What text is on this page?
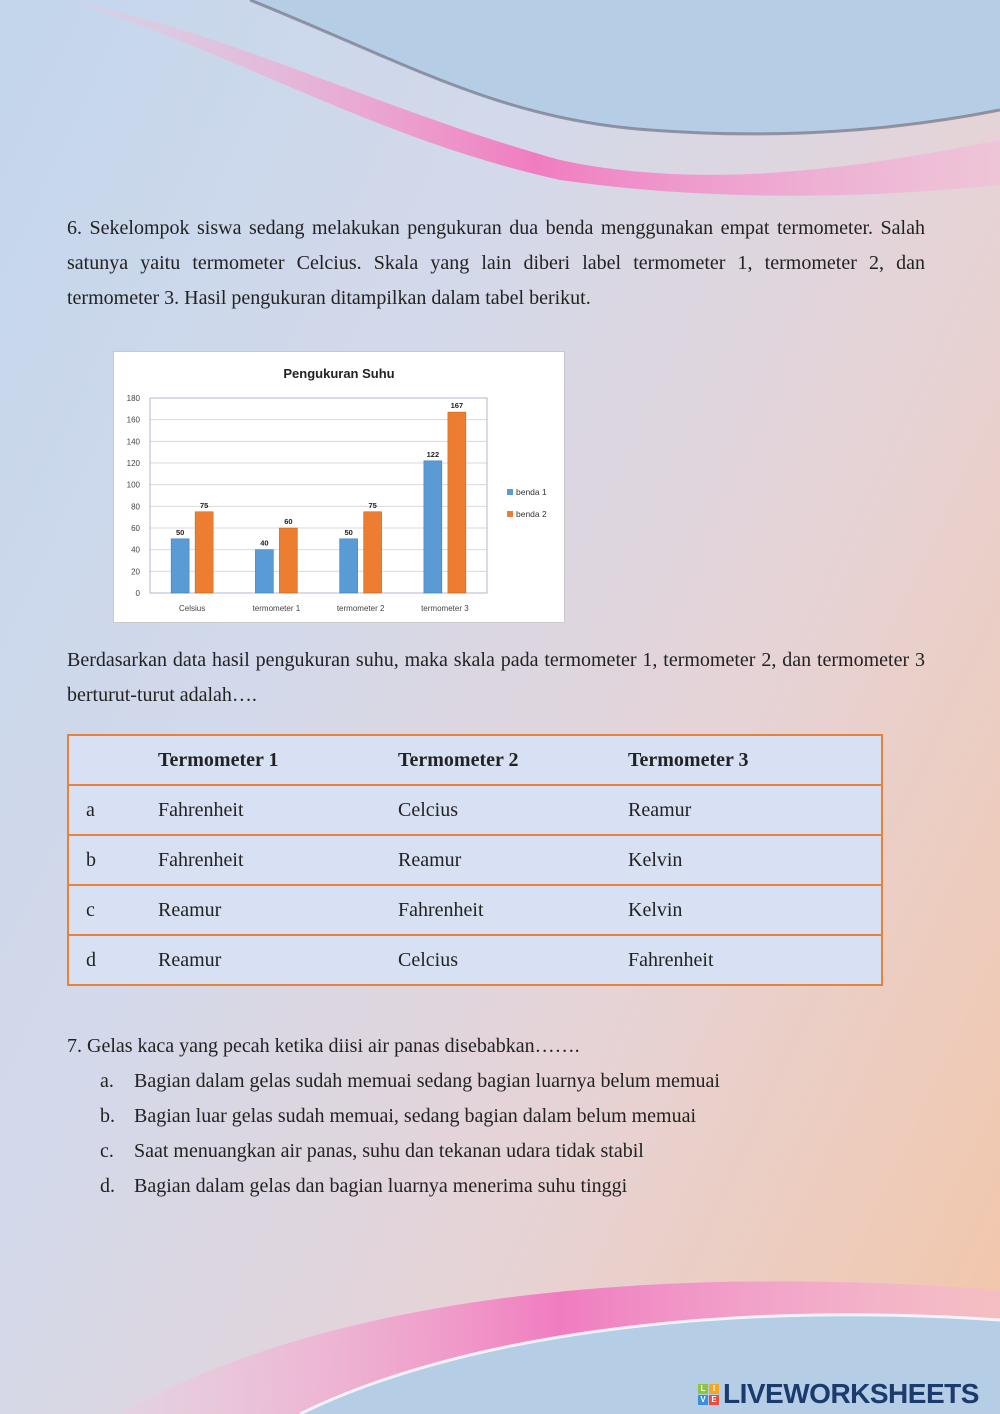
6. Sekelompok siswa sedang melakukan pengukuran dua benda menggunakan empat termometer. Salah satunya yaitu termometer Celcius. Skala yang lain diberi label termometer 1, termometer 2, dan termometer 3. Hasil pengukuran ditampilkan dalam tabel berikut.
Pengukuran Suhu
0
20
40
60
80
100
120
140
160
180
Celsius
50
75
termometer 1
40
60
termometer 2
50
75
termometer 3
122
167
benda 1
benda 2
Berdasarkan data hasil pengukuran suhu, maka skala pada termometer 1, termometer 2, dan termometer 3 berturut-turut adalah….
	Termometer 1	Termometer 2	Termometer 3
a	Fahrenheit	Celcius	Reamur
b	Fahrenheit	Reamur	Kelvin
c	Reamur	Fahrenheit	Kelvin
d	Reamur	Celcius	Fahrenheit
7. Gelas kaca yang pecah ketika diisi air panas disebabkan…….
a. Bagian dalam gelas sudah memuai sedang bagian luarnya belum memuai
b. Bagian luar gelas sudah memuai, sedang bagian dalam belum memuai
c. Saat menuangkan air panas, suhu dan tekanan udara tidak stabil
d. Bagian dalam gelas dan bagian luarnya menerima suhu tinggi
L I
V E LIVEWORKSHEETS
